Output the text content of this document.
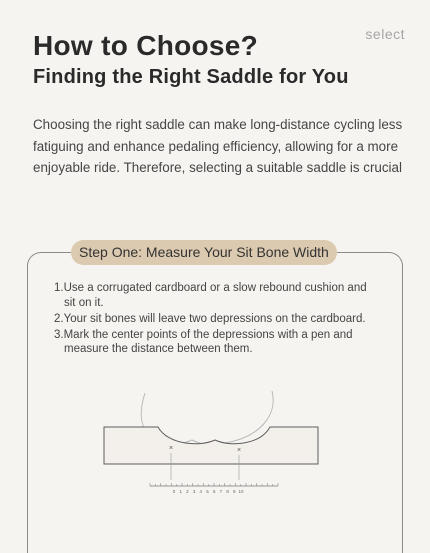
select
How to Choose?
Finding the Right Saddle for You

Choosing the right saddle can make long-distance cycling less fatiguing and enhance pedaling efficiency, allowing for a more enjoyable ride. Therefore, selecting a suitable saddle is crucial

Step One: Measure Your Sit Bone Width
1.Use a corrugated cardboard or a slow rebound cushion and sit on it.
2.Your sit bones will leave two depressions on the cardboard.
3.Mark the center points of the depressions with a pen and measure the distance between them.
×	×
0 1 2 3 4 5 6 7 8 9 10
